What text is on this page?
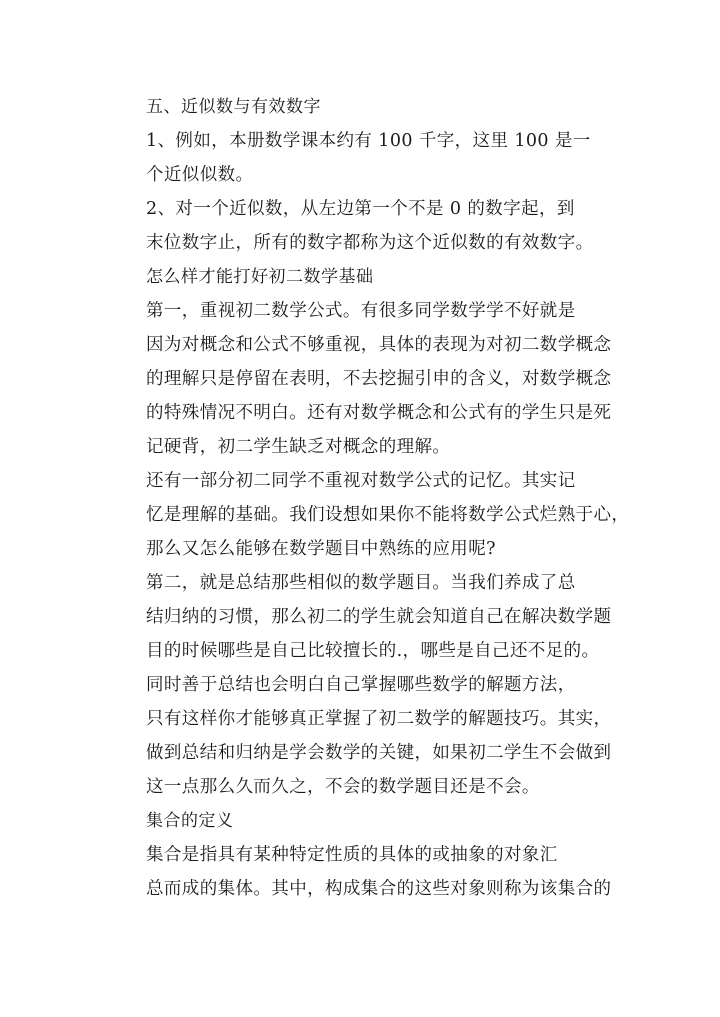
五、近似数与有效数字

1、例如，本册数学课本约有 100 千字，这里 100 是一
个近似似数。

2、对一个近似数，从左边第一个不是 0 的数字起，到
末位数字止，所有的数字都称为这个近似数的有效数字。

怎么样才能打好初二数学基础

第一，重视初二数学公式。有很多同学数学学不好就是
因为对概念和公式不够重视，具体的表现为对初二数学概念
的理解只是停留在表明，不去挖掘引申的含义，对数学概念
的特殊情况不明白。还有对数学概念和公式有的学生只是死
记硬背，初二学生缺乏对概念的理解。

还有一部分初二同学不重视对数学公式的记忆。其实记
忆是理解的基础。我们设想如果你不能将数学公式烂熟于心，
那么又怎么能够在数学题目中熟练的应用呢?

第二，就是总结那些相似的数学题目。当我们养成了总
结归纳的习惯，那么初二的学生就会知道自己在解决数学题
目的时候哪些是自己比较擅长的.，哪些是自己还不足的。

同时善于总结也会明白自己掌握哪些数学的解题方法，
只有这样你才能够真正掌握了初二数学的解题技巧。其实，
做到总结和归纳是学会数学的关键，如果初二学生不会做到
这一点那么久而久之，不会的数学题目还是不会。

集合的定义

集合是指具有某种特定性质的具体的或抽象的对象汇
总而成的集体。其中，构成集合的这些对象则称为该集合的
